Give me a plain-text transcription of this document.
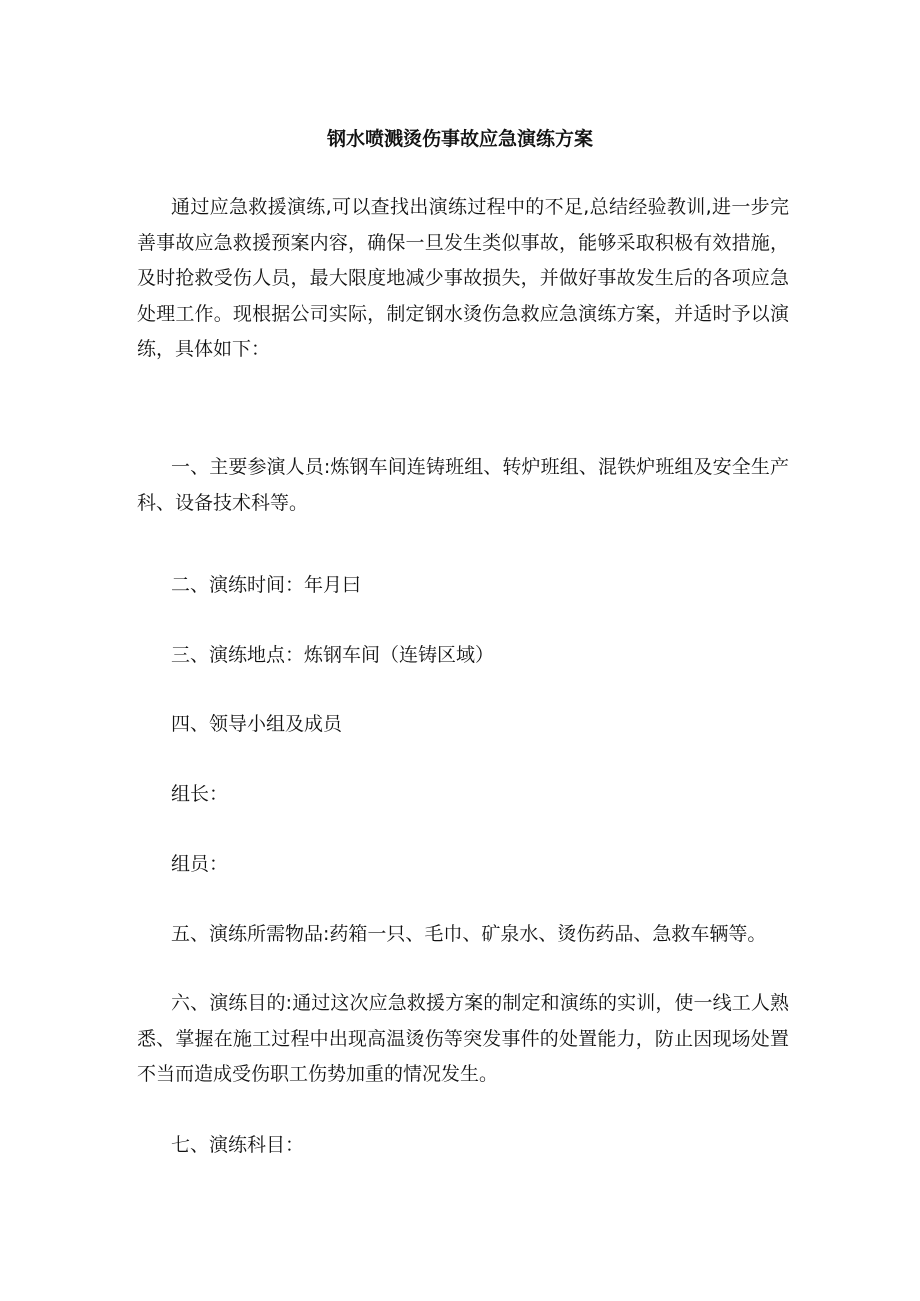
钢水喷溅烫伤事故应急演练方案

通过应急救援演练,可以查找出演练过程中的不足,总结经验教训,进一步完善事故应急救援预案内容，确保一旦发生类似事故，能够采取积极有效措施，及时抢救受伤人员，最大限度地减少事故损失，并做好事故发生后的各项应急处理工作。现根据公司实际，制定钢水烫伤急救应急演练方案，并适时予以演练，具体如下：

一、主要参演人员:炼钢车间连铸班组、转炉班组、混铁炉班组及安全生产科、设备技术科等。

二、演练时间：年月曰

三、演练地点：炼钢车间（连铸区域）

四、领导小组及成员

组长：

组员：

五、演练所需物品:药箱一只、毛巾、矿泉水、烫伤药品、急救车辆等。

六、演练目的:通过这次应急救援方案的制定和演练的实训，使一线工人熟悉、掌握在施工过程中出现高温烫伤等突发事件的处置能力，防止因现场处置不当而造成受伤职工伤势加重的情况发生。

七、演练科目：
